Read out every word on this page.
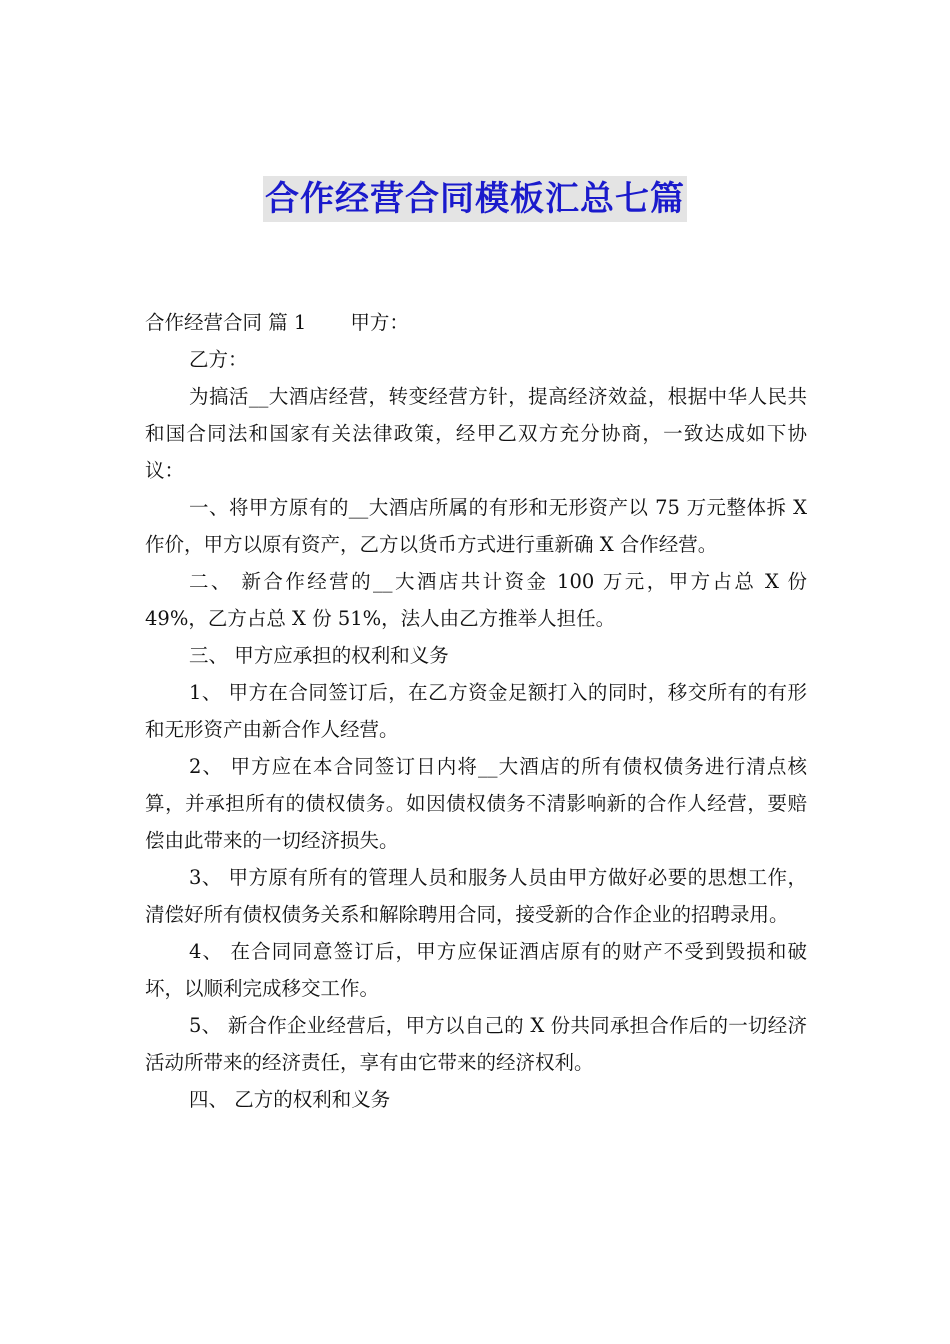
合作经营合同模板汇总七篇

合作经营合同 篇 1 甲方：

乙方：

为搞活__大酒店经营，转变经营方针，提高经济效益，根据中华人民共和国合同法和国家有关法律政策，经甲乙双方充分协商，一致达成如下协议：

一、将甲方原有的__大酒店所属的有形和无形资产以 75 万元整体拆 X 作价，甲方以原有资产，乙方以货币方式进行重新确 X 合作经营。

二、 新合作经营的__大酒店共计资金 100 万元，甲方占总 X 份 49%，乙方占总 X 份 51%，法人由乙方推举人担任。

三、 甲方应承担的权利和义务

1、 甲方在合同签订后，在乙方资金足额打入的同时，移交所有的有形和无形资产由新合作人经营。

2、 甲方应在本合同签订日内将__大酒店的所有债权债务进行清点核算，并承担所有的债权债务。如因债权债务不清影响新的合作人经营，要赔偿由此带来的一切经济损失。

3、 甲方原有所有的管理人员和服务人员由甲方做好必要的思想工作，清偿好所有债权债务关系和解除聘用合同，接受新的合作企业的招聘录用。

4、 在合同同意签订后，甲方应保证酒店原有的财产不受到毁损和破坏，以顺利完成移交工作。

5、 新合作企业经营后，甲方以自己的 X 份共同承担合作后的一切经济活动所带来的经济责任，享有由它带来的经济权利。

四、 乙方的权利和义务
